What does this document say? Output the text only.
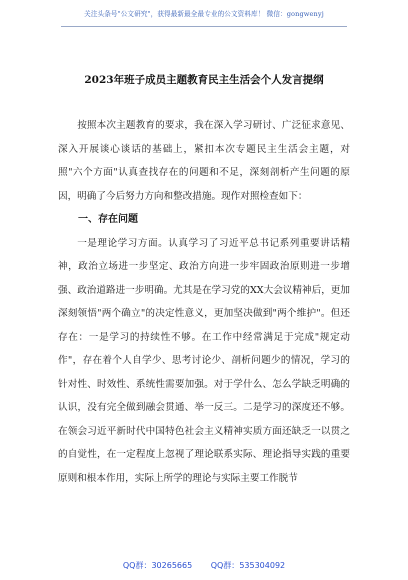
关注头条号"公文研究"，获得最新最全最专业的公文资料库！ 微信：gongwenyj
2023年班子成员主题教育民主生活会个人发言提纲

按照本次主题教育的要求，我在深入学习研讨、广泛征求意见、深入开展谈心谈话的基础上，紧扣本次专题民主生活会主题，对照"六个方面"认真查找存在的问题和不足，深刻剖析产生问题的原因，明确了今后努力方向和整改措施。现作对照检查如下：

一、存在问题

一是理论学习方面。认真学习了习近平总书记系列重要讲话精神，政治立场进一步坚定、政治方向进一步牢固政治原则进一步增强、政治道路进一步明确。尤其是在学习党的XX大会议精神后，更加深刻领悟"两个确立"的决定性意义，更加坚决做到"两个维护"。但还存在：一是学习的持续性不够。在工作中经常满足于完成"规定动作"，存在着个人自学少、思考讨论少、剖析问题少的情况，学习的针对性、时效性、系统性需要加强。对于学什么、怎么学缺乏明确的认识，没有完全做到融会贯通、举一反三。二是学习的深度还不够。在领会习近平新时代中国特色社会主义精神实质方面还缺乏一以贯之的自觉性，在一定程度上忽视了理论联系实际、理论指导实践的重要原则和根本作用，实际上所学的理论与实际主要工作脱节

QQ群：30265665 QQ群：535304092
